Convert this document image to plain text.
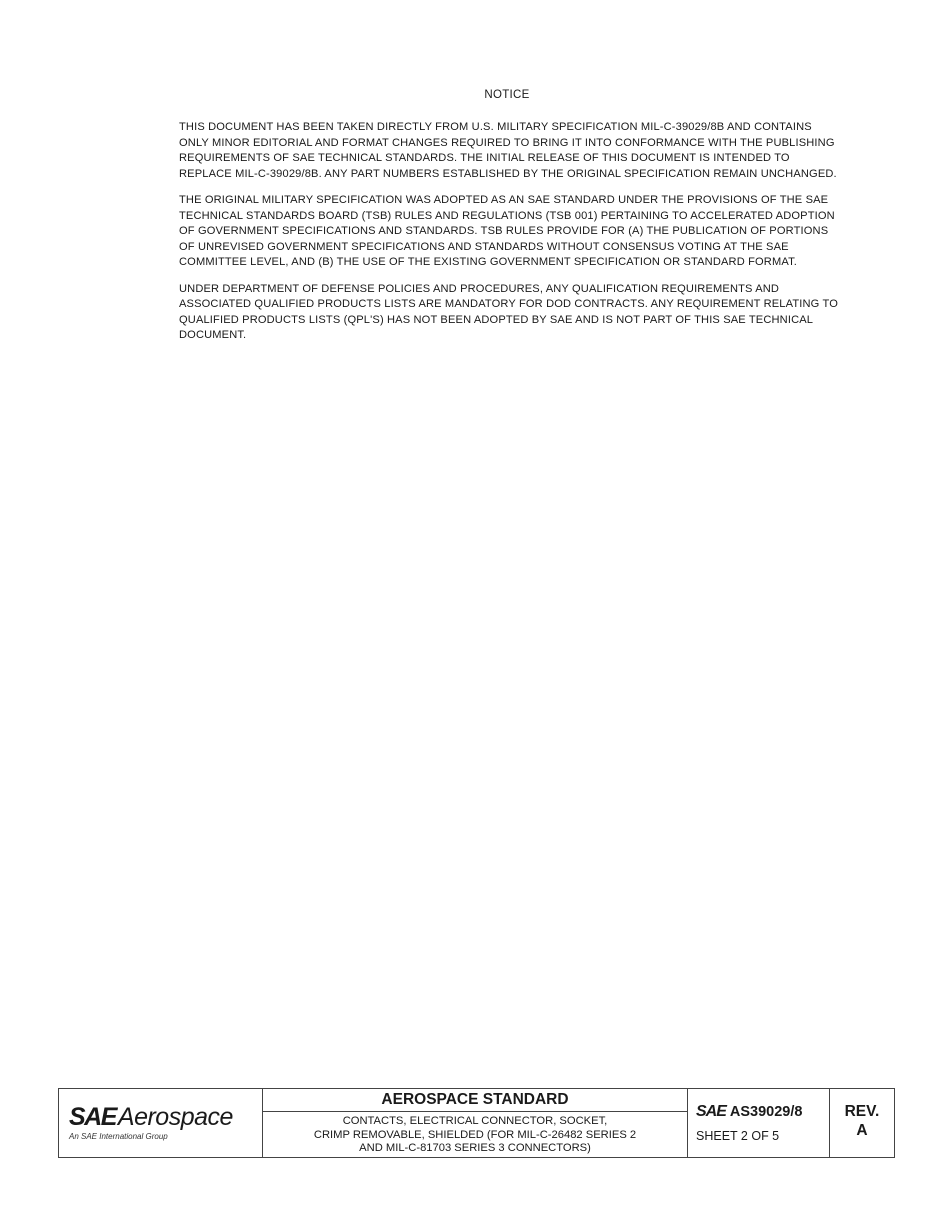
NOTICE

THIS DOCUMENT HAS BEEN TAKEN DIRECTLY FROM U.S. MILITARY SPECIFICATION MIL-C-39029/8B AND CONTAINS ONLY MINOR EDITORIAL AND FORMAT CHANGES REQUIRED TO BRING IT INTO CONFORMANCE WITH THE PUBLISHING REQUIREMENTS OF SAE TECHNICAL STANDARDS. THE INITIAL RELEASE OF THIS DOCUMENT IS INTENDED TO REPLACE MIL-C-39029/8B. ANY PART NUMBERS ESTABLISHED BY THE ORIGINAL SPECIFICATION REMAIN UNCHANGED.

THE ORIGINAL MILITARY SPECIFICATION WAS ADOPTED AS AN SAE STANDARD UNDER THE PROVISIONS OF THE SAE TECHNICAL STANDARDS BOARD (TSB) RULES AND REGULATIONS (TSB 001) PERTAINING TO ACCELERATED ADOPTION OF GOVERNMENT SPECIFICATIONS AND STANDARDS. TSB RULES PROVIDE FOR (A) THE PUBLICATION OF PORTIONS OF UNREVISED GOVERNMENT SPECIFICATIONS AND STANDARDS WITHOUT CONSENSUS VOTING AT THE SAE COMMITTEE LEVEL, AND (B) THE USE OF THE EXISTING GOVERNMENT SPECIFICATION OR STANDARD FORMAT.

UNDER DEPARTMENT OF DEFENSE POLICIES AND PROCEDURES, ANY QUALIFICATION REQUIREMENTS AND ASSOCIATED QUALIFIED PRODUCTS LISTS ARE MANDATORY FOR DOD CONTRACTS. ANY REQUIREMENT RELATING TO QUALIFIED PRODUCTS LISTS (QPL'S) HAS NOT BEEN ADOPTED BY SAE AND IS NOT PART OF THIS SAE TECHNICAL DOCUMENT.

SAE Aerospace
An SAE International Group
AEROSPACE STANDARD
CONTACTS, ELECTRICAL CONNECTOR, SOCKET,
CRIMP REMOVABLE, SHIELDED (FOR MIL-C-26482 SERIES 2
AND MIL-C-81703 SERIES 3 CONNECTORS)
SAE AS39029/8
SHEET 2 OF 5
REV.
A
